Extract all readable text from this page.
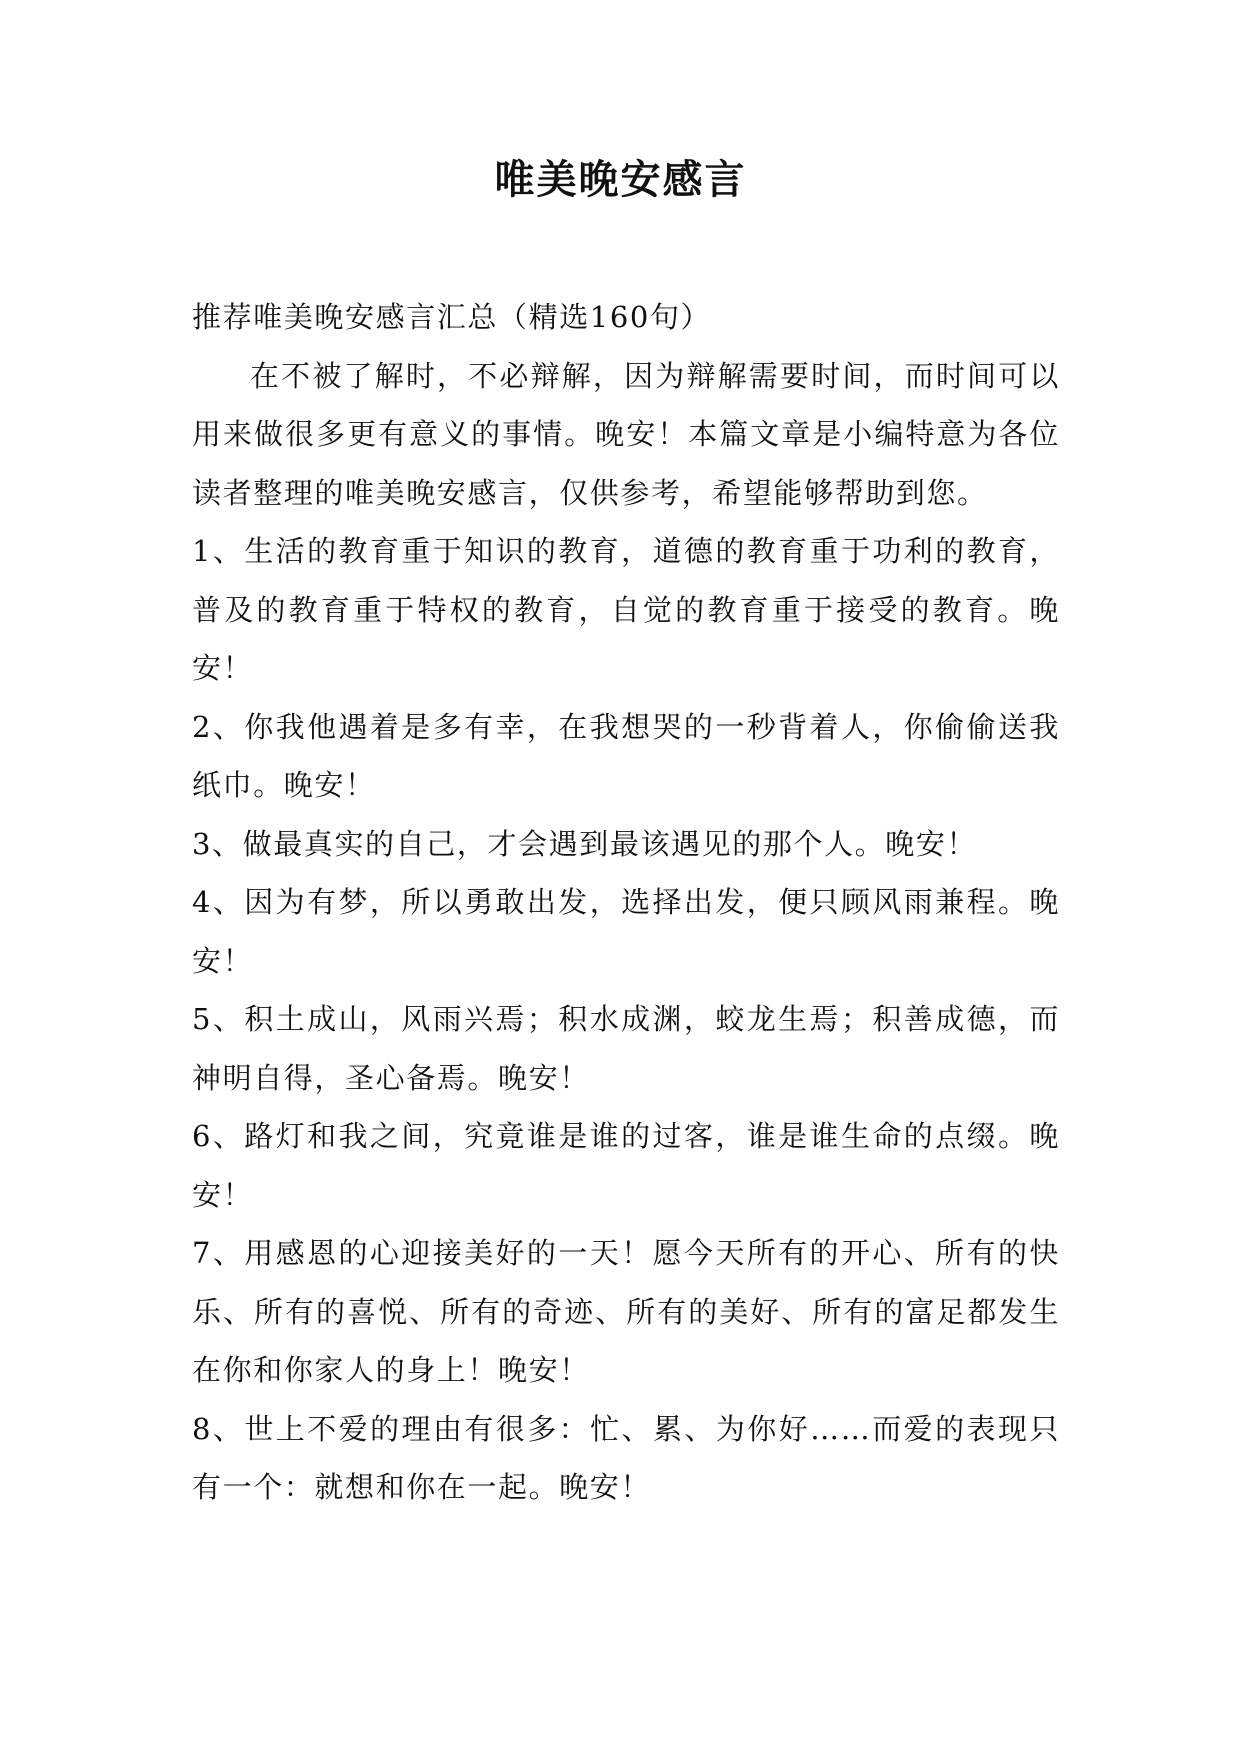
唯美晚安感言

推荐唯美晚安感言汇总（精选160句）

在不被了解时，不必辩解，因为辩解需要时间，而时间可以用来做很多更有意义的事情。晚安！本篇文章是小编特意为各位读者整理的唯美晚安感言，仅供参考，希望能够帮助到您。

1、生活的教育重于知识的教育，道德的教育重于功利的教育，普及的教育重于特权的教育，自觉的教育重于接受的教育。晚安！

2、你我他遇着是多有幸，在我想哭的一秒背着人，你偷偷送我纸巾。晚安！

3、做最真实的自己，才会遇到最该遇见的那个人。晚安！

4、因为有梦，所以勇敢出发，选择出发，便只顾风雨兼程。晚安！

5、积土成山，风雨兴焉；积水成渊，蛟龙生焉；积善成德，而神明自得，圣心备焉。晚安！

6、路灯和我之间，究竟谁是谁的过客，谁是谁生命的点缀。晚安！

7、用感恩的心迎接美好的一天！愿今天所有的开心、所有的快乐、所有的喜悦、所有的奇迹、所有的美好、所有的富足都发生在你和你家人的身上！晚安！

8、世上不爱的理由有很多：忙、累、为你好……而爱的表现只有一个：就想和你在一起。晚安！
